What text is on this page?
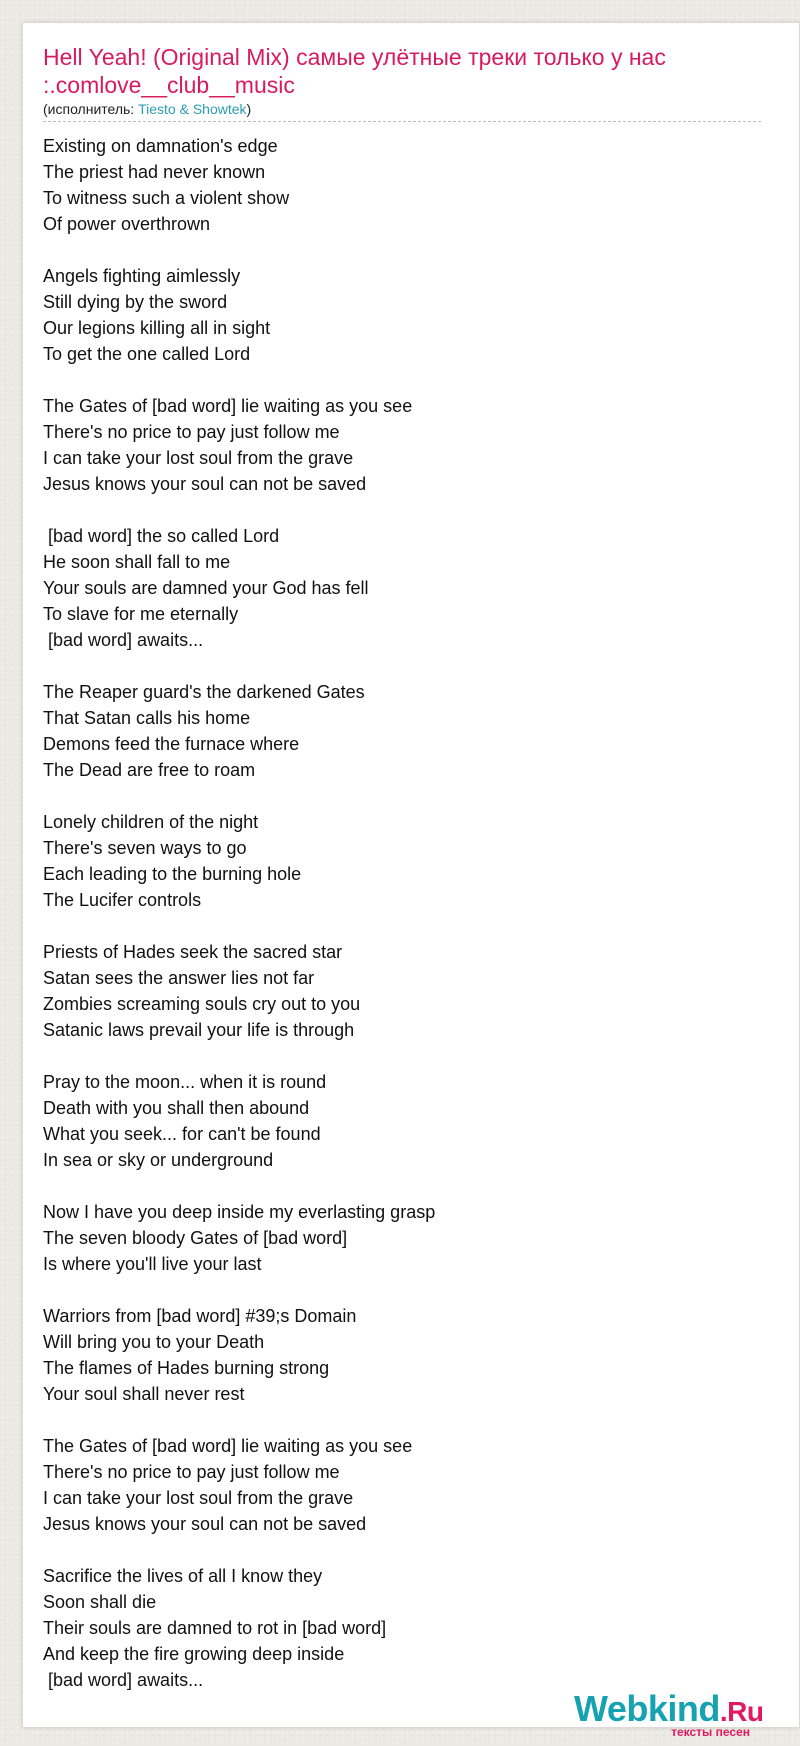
Hell Yeah! (Original Mix) самые улётные треки только у нас :.comlove__club__music
(исполнитель: Tiesto & Showtek)
Existing on damnation's edge
The priest had never known
To witness such a violent show
Of power overthrown
Angels fighting aimlessly
Still dying by the sword
Our legions killing all in sight
To get the one called Lord
The Gates of [bad word] lie waiting as you see
There's no price to pay just follow me
I can take your lost soul from the grave
Jesus knows your soul can not be saved
[bad word] the so called Lord
He soon shall fall to me
Your souls are damned your God has fell
To slave for me eternally
[bad word] awaits...
The Reaper guard's the darkened Gates
That Satan calls his home
Demons feed the furnace where
The Dead are free to roam
Lonely children of the night
There's seven ways to go
Each leading to the burning hole
The Lucifer controls
Priests of Hades seek the sacred star
Satan sees the answer lies not far
Zombies screaming souls cry out to you
Satanic laws prevail your life is through
Pray to the moon... when it is round
Death with you shall then abound
What you seek... for can't be found
In sea or sky or underground
Now I have you deep inside my everlasting grasp
The seven bloody Gates of [bad word]
Is where you'll live your last
Warriors from [bad word] #39;s Domain
Will bring you to your Death
The flames of Hades burning strong
Your soul shall never rest
The Gates of [bad word] lie waiting as you see
There's no price to pay just follow me
I can take your lost soul from the grave
Jesus knows your soul can not be saved
Sacrifice the lives of all I know they
Soon shall die
Their souls are damned to rot in [bad word]
And keep the fire growing deep inside
[bad word] awaits...
Webkind.Ru
тексты песен
